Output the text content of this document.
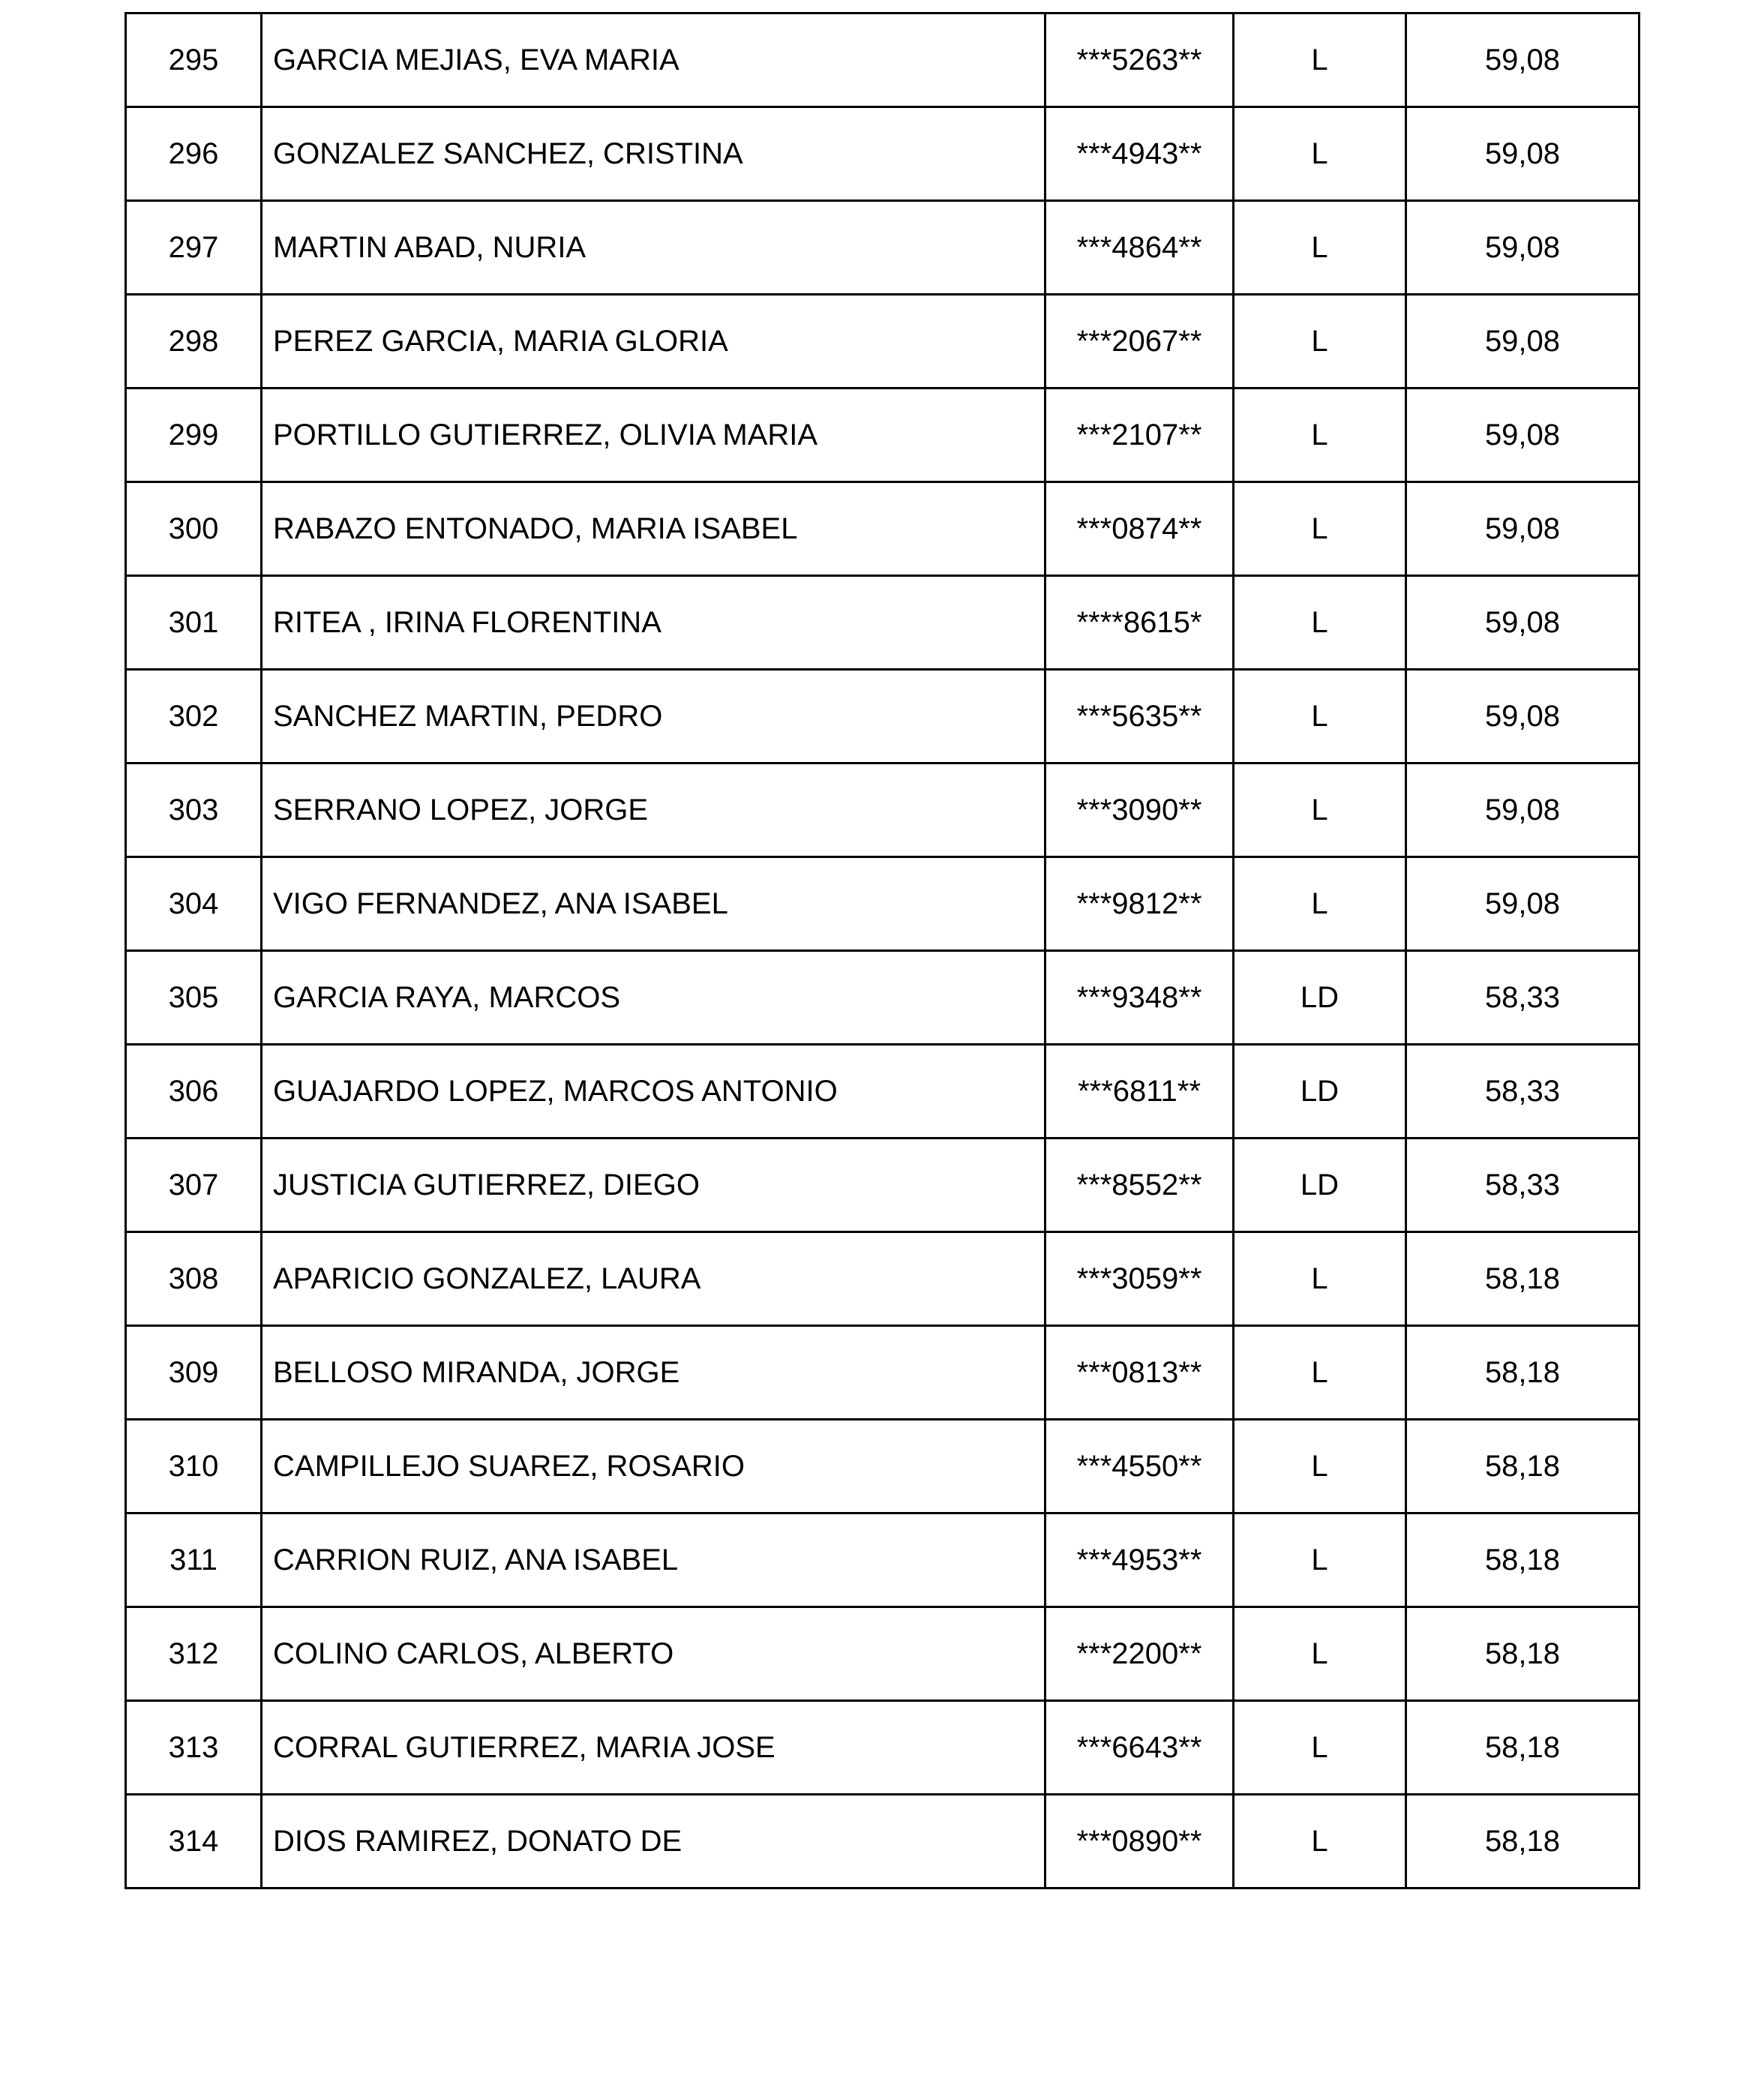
295	GARCIA MEJIAS, EVA MARIA	***5263**	L	59,08
296	GONZALEZ SANCHEZ, CRISTINA	***4943**	L	59,08
297	MARTIN ABAD, NURIA	***4864**	L	59,08
298	PEREZ GARCIA, MARIA GLORIA	***2067**	L	59,08
299	PORTILLO GUTIERREZ, OLIVIA MARIA	***2107**	L	59,08
300	RABAZO ENTONADO, MARIA ISABEL	***0874**	L	59,08
301	RITEA , IRINA FLORENTINA	****8615*	L	59,08
302	SANCHEZ MARTIN, PEDRO	***5635**	L	59,08
303	SERRANO LOPEZ, JORGE	***3090**	L	59,08
304	VIGO FERNANDEZ, ANA ISABEL	***9812**	L	59,08
305	GARCIA RAYA, MARCOS	***9348**	LD	58,33
306	GUAJARDO LOPEZ, MARCOS ANTONIO	***6811**	LD	58,33
307	JUSTICIA GUTIERREZ, DIEGO	***8552**	LD	58,33
308	APARICIO GONZALEZ, LAURA	***3059**	L	58,18
309	BELLOSO MIRANDA, JORGE	***0813**	L	58,18
310	CAMPILLEJO SUAREZ, ROSARIO	***4550**	L	58,18
311	CARRION RUIZ, ANA ISABEL	***4953**	L	58,18
312	COLINO CARLOS, ALBERTO	***2200**	L	58,18
313	CORRAL GUTIERREZ, MARIA JOSE	***6643**	L	58,18
314	DIOS RAMIREZ, DONATO DE	***0890**	L	58,18
